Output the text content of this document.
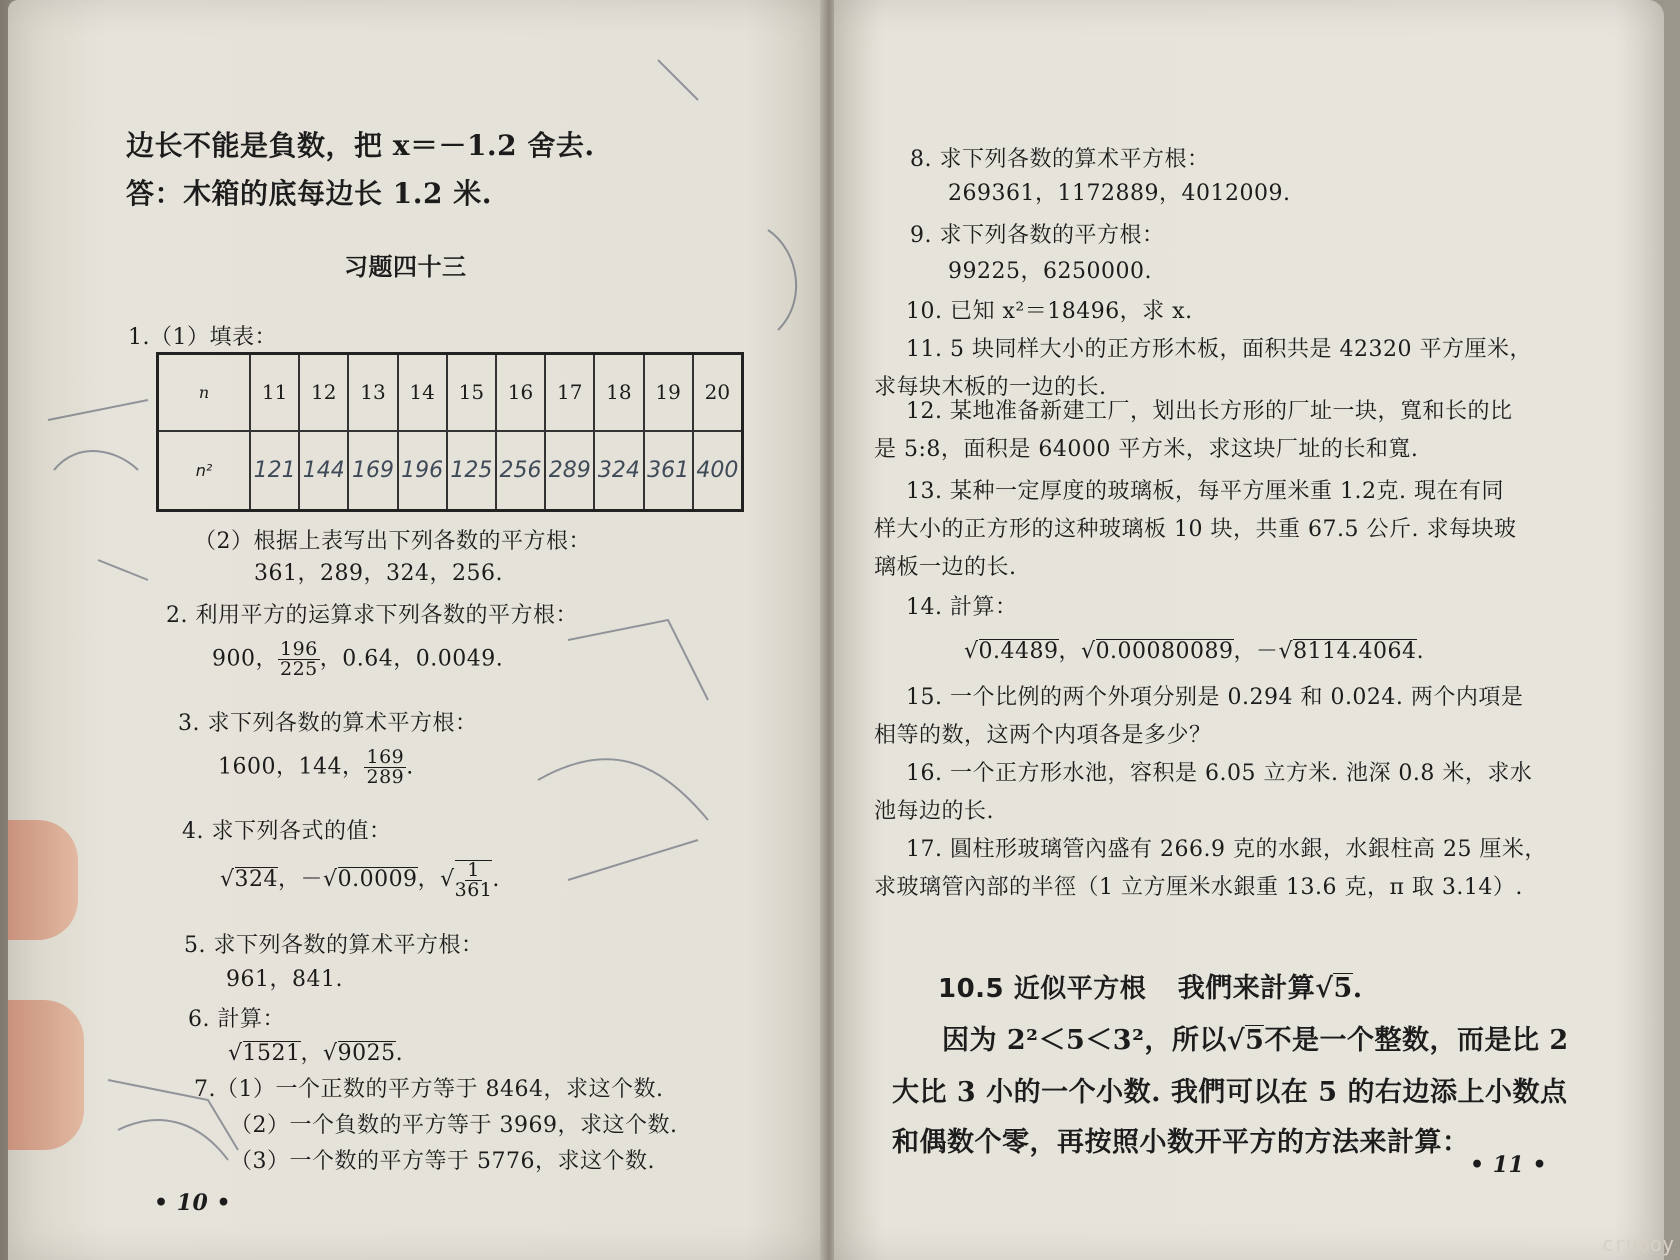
边长不能是負数，把 x＝－1.2 舍去.
答：木箱的底每边长 1.2 米.
习题四十三
1.（1）填表：
n	11	12	13	14	15	16	17	18	19	20
n²	121	144	169	196	125	256	289	324	361	400
（2）根据上表写出下列各数的平方根：
361，289，324，256.
2. 利用平方的运算求下列各数的平方根：
900， $\frac{196}{225}$ ，0.64，0.0049.
3. 求下列各数的算术平方根：
1600，144， $\frac{169}{289}$ .
4. 求下列各式的值：
√324，－√0.0009，√ $\frac{1}{361}$ .
5. 求下列各数的算术平方根：
961，841.
6. 計算：
√1521，√9025.
7.（1）一个正数的平方等于 8464，求这个数.
（2）一个負数的平方等于 3969，求这个数.
（3）一个数的平方等于 5776，求这个数.
• 10 •
8. 求下列各数的算术平方根：
269361，1172889，4012009.
9. 求下列各数的平方根：
99225，6250000.
10. 已知 x²＝18496，求 x.
11. 5 块同样大小的正方形木板，面积共是 42320 平方厘米，
求每块木板的一边的长.
12. 某地准备新建工厂，划出长方形的厂址一块，寬和长的比
是 5:8，面积是 64000 平方米，求这块厂址的长和寬.
13. 某种一定厚度的玻璃板，每平方厘米重 1.2克. 現在有同
样大小的正方形的这种玻璃板 10 块，共重 67.5 公斤. 求每块玻
璃板一边的长.
14. 計算：
√0.4489，√0.00080089，－√8114.4064.
15. 一个比例的两个外項分别是 0.294 和 0.024. 两个内項是
相等的数，这两个内項各是多少？
16. 一个正方形水池，容积是 6.05 立方米. 池深 0.8 米，求水
池每边的长.
17. 圓柱形玻璃管內盛有 266.9 克的水銀，水銀柱高 25 厘米，
求玻璃管內部的半徑（1 立方厘米水銀重 13.6 克，π 取 3.14）.
10.5 近似平方根 我們来計算√5.
因为 2²＜5＜3²，所以√5不是一个整数，而是比 2
大比 3 小的一个小数. 我們可以在 5 的右边添上小数点
和偶数个零，再按照小数开平方的方法来計算：
• 11 •
cruboy
